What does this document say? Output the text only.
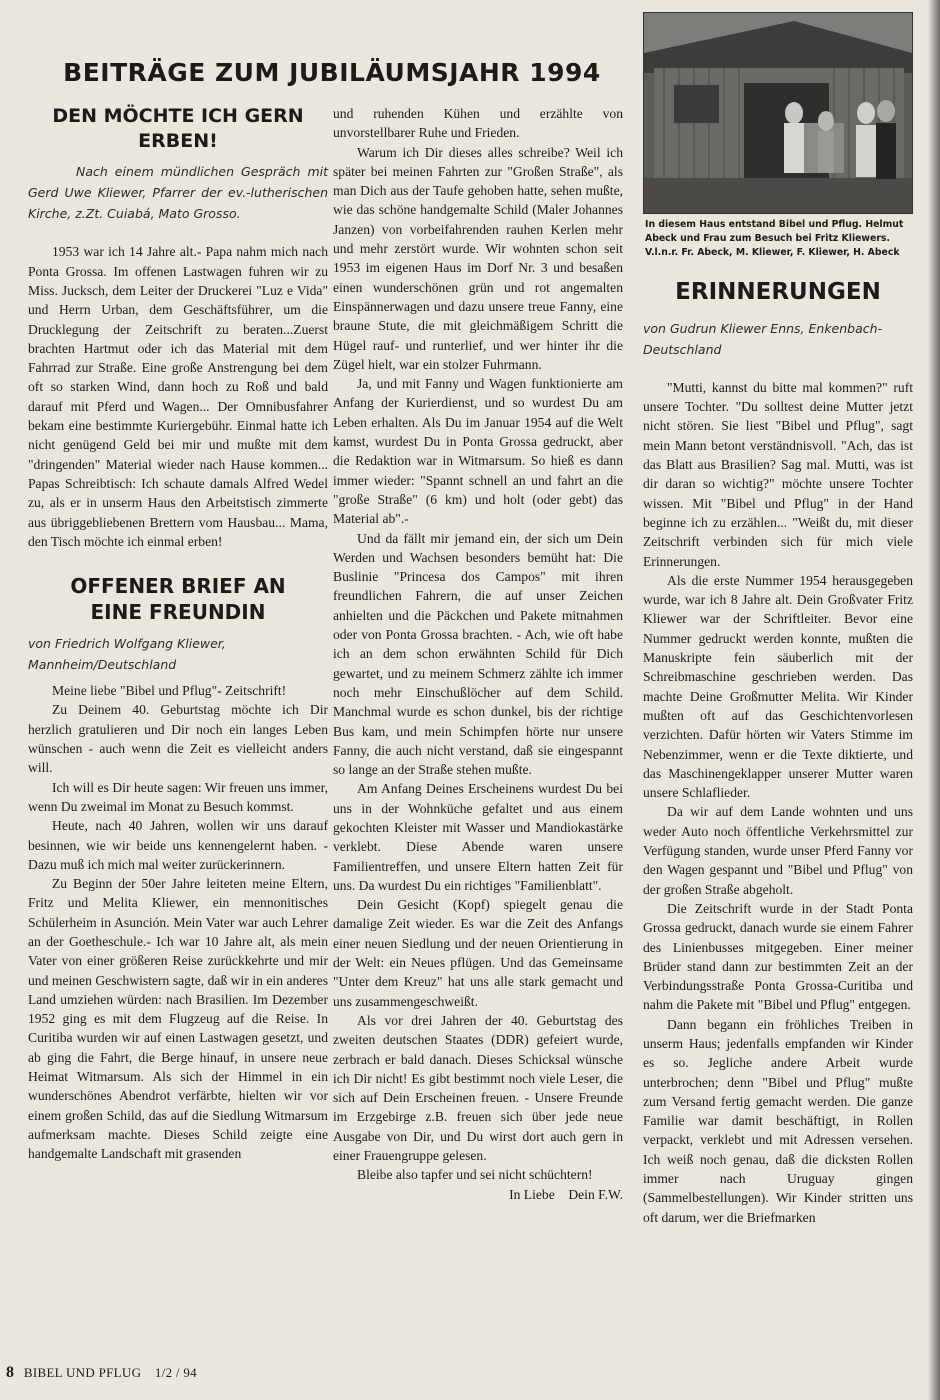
BEITRÄGE ZUM JUBILÄUMSJAHR 1994
DEN MÖCHTE ICH GERN ERBEN!

Nach einem mündlichen Gespräch mit Gerd Uwe Kliewer, Pfarrer der ev.-lutherischen Kirche, z.Zt. Cuiabá, Mato Grosso.

1953 war ich 14 Jahre alt.- Papa nahm mich nach Ponta Grossa. Im offenen Lastwagen fuhren wir zu Miss. Jucksch, dem Leiter der Druckerei "Luz e Vida" und Herrn Urban, dem Geschäftsführer, um die Drucklegung der Zeitschrift zu beraten...Zuerst brachten Hartmut oder ich das Material mit dem Fahrrad zur Straße. Eine große Anstrengung bei dem oft so starken Wind, dann hoch zu Roß und bald darauf mit Pferd und Wagen... Der Omnibusfahrer bekam eine bestimmte Kuriergebühr. Einmal hatte ich nicht genügend Geld bei mir und mußte mit dem "dringenden" Material wieder nach Hause kommen... Papas Schreibtisch: Ich schaute damals Alfred Wedel zu, als er in unserm Haus den Arbeitstisch zimmerte aus übriggebliebenen Brettern vom Hausbau... Mama, den Tisch möchte ich einmal erben!

OFFENER BRIEF AN EINE FREUNDIN

von Friedrich Wolfgang Kliewer, Mannheim/Deutschland

Meine liebe "Bibel und Pflug"- Zeitschrift!

Zu Deinem 40. Geburtstag möchte ich Dir herzlich gratulieren und Dir noch ein langes Leben wünschen - auch wenn die Zeit es vielleicht anders will.

Ich will es Dir heute sagen: Wir freuen uns immer, wenn Du zweimal im Monat zu Besuch kommst.

Heute, nach 40 Jahren, wollen wir uns darauf besinnen, wie wir beide uns kennengelernt haben. - Dazu muß ich mich mal weiter zurückerinnern.

Zu Beginn der 50er Jahre leiteten meine Eltern, Fritz und Melita Kliewer, ein mennonitisches Schülerheim in Asunción. Mein Vater war auch Lehrer an der Goetheschule.- Ich war 10 Jahre alt, als mein Vater von einer größeren Reise zurückkehrte und mir und meinen Geschwistern sagte, daß wir in ein anderes Land umziehen würden: nach Brasilien. Im Dezember 1952 ging es mit dem Flugzeug auf die Reise. In Curitiba wurden wir auf einen Lastwagen gesetzt, und ab ging die Fahrt, die Berge hinauf, in unsere neue Heimat Witmarsum. Als sich der Himmel in ein wunderschönes Abendrot verfärbte, hielten wir vor einem großen Schild, das auf die Siedlung Witmarsum aufmerksam machte. Dieses Schild zeigte eine handgemalte Landschaft mit grasenden

und ruhenden Kühen und erzählte von unvorstellbarer Ruhe und Frieden.

Warum ich Dir dieses alles schreibe? Weil ich später bei meinen Fahrten zur "Großen Straße", als man Dich aus der Taufe gehoben hatte, sehen mußte, wie das schöne handgemalte Schild (Maler Johannes Janzen) von vorbeifahrenden rauhen Kerlen mehr und mehr zerstört wurde. Wir wohnten schon seit 1953 im eigenen Haus im Dorf Nr. 3 und besaßen einen wunderschönen grün und rot angemalten Einspännerwagen und dazu unsere treue Fanny, eine braune Stute, die mit gleichmäßigem Schritt die Hügel rauf- und runterlief, und wer hinter ihr die Zügel hielt, war ein stolzer Fuhrmann.

Ja, und mit Fanny und Wagen funktionierte am Anfang der Kurierdienst, und so wurdest Du am Leben erhalten. Als Du im Januar 1954 auf die Welt kamst, wurdest Du in Ponta Grossa gedruckt, aber die Redaktion war in Witmarsum. So hieß es dann immer wieder: "Spannt schnell an und fahrt an die "große Straße" (6 km) und holt (oder gebt) das Material ab".-

Und da fällt mir jemand ein, der sich um Dein Werden und Wachsen besonders bemüht hat: Die Buslinie "Princesa dos Campos" mit ihren freundlichen Fahrern, die auf unser Zeichen anhielten und die Päckchen und Pakete mitnahmen oder von Ponta Grossa brachten. - Ach, wie oft habe ich an dem schon erwähnten Schild für Dich gewartet, und zu meinem Schmerz zählte ich immer noch mehr Einschußlöcher auf dem Schild. Manchmal wurde es schon dunkel, bis der richtige Bus kam, und mein Schimpfen hörte nur unsere Fanny, die auch nicht verstand, daß sie eingespannt so lange an der Straße stehen mußte.

Am Anfang Deines Erscheinens wurdest Du bei uns in der Wohnküche gefaltet und aus einem gekochten Kleister mit Wasser und Mandiokastärke verklebt. Diese Abende waren unsere Familientreffen, und unsere Eltern hatten Zeit für uns. Da wurdest Du ein richtiges "Familienblatt".

Dein Gesicht (Kopf) spiegelt genau die damalige Zeit wieder. Es war die Zeit des Anfangs einer neuen Siedlung und der neuen Orientierung in der Welt: ein Neues pflügen. Und das Gemeinsame "Unter dem Kreuz" hat uns alle stark gemacht und uns zusammengeschweißt.

Als vor drei Jahren der 40. Geburtstag des zweiten deutschen Staates (DDR) gefeiert wurde, zerbrach er bald danach. Dieses Schicksal wünsche ich Dir nicht! Es gibt bestimmt noch viele Leser, die sich auf Dein Erscheinen freuen. - Unsere Freunde im Erzgebirge z.B. freuen sich über jede neue Ausgabe von Dir, und Du wirst dort auch gern in einer Frauengruppe gelesen.

Bleibe also tapfer und sei nicht schüchtern!

In Liebe    Dein F.W.

In diesem Haus entstand Bibel und Pflug. Helmut Abeck und Frau zum Besuch bei Fritz Kliewers. V.l.n.r. Fr. Abeck, M. Kliewer, F. Kliewer, H. Abeck

ERINNERUNGEN

von Gudrun Kliewer Enns, Enkenbach-Deutschland

"Mutti, kannst du bitte mal kommen?" ruft unsere Tochter. "Du solltest deine Mutter jetzt nicht stören. Sie liest "Bibel und Pflug", sagt mein Mann betont verständnisvoll. "Ach, das ist das Blatt aus Brasilien? Sag mal. Mutti, was ist dir daran so wichtig?" möchte unsere Tochter wissen. Mit "Bibel und Pflug" in der Hand beginne ich zu erzählen... "Weißt du, mit dieser Zeitschrift verbinden sich für mich viele Erinnerungen.

Als die erste Nummer 1954 herausgegeben wurde, war ich 8 Jahre alt. Dein Großvater Fritz Kliewer war der Schriftleiter. Bevor eine Nummer gedruckt werden konnte, mußten die Manuskripte fein säuberlich mit der Schreibmaschine geschrieben werden. Das machte Deine Großmutter Melita. Wir Kinder mußten oft auf das Geschichtenvorlesen verzichten. Dafür hörten wir Vaters Stimme im Nebenzimmer, wenn er die Texte diktierte, und das Maschinengeklapper unserer Mutter waren unsere Schlaflieder.

Da wir auf dem Lande wohnten und uns weder Auto noch öffentliche Verkehrsmittel zur Verfügung standen, wurde unser Pferd Fanny vor den Wagen gespannt und "Bibel und Pflug" von der großen Straße abgeholt.

Die Zeitschrift wurde in der Stadt Ponta Grossa gedruckt, danach wurde sie einem Fahrer des Linienbusses mitgegeben. Einer meiner Brüder stand dann zur bestimmten Zeit an der Verbindungsstraße Ponta Grossa-Curitiba und nahm die Pakete mit "Bibel und Pflug" entgegen.

Dann begann ein fröhliches Treiben in unserm Haus; jedenfalls empfanden wir Kinder es so. Jegliche andere Arbeit wurde unterbrochen; denn "Bibel und Pflug" mußte zum Versand fertig gemacht werden. Die ganze Familie war damit beschäftigt, in Rollen verpackt, verklebt und mit Adressen versehen. Ich weiß noch genau, daß die dicksten Rollen immer nach Uruguay gingen (Sammelbestellungen). Wir Kinder stritten uns oft darum, wer die Briefmarken

8 BIBEL UND PFLUG 1/2 / 94
